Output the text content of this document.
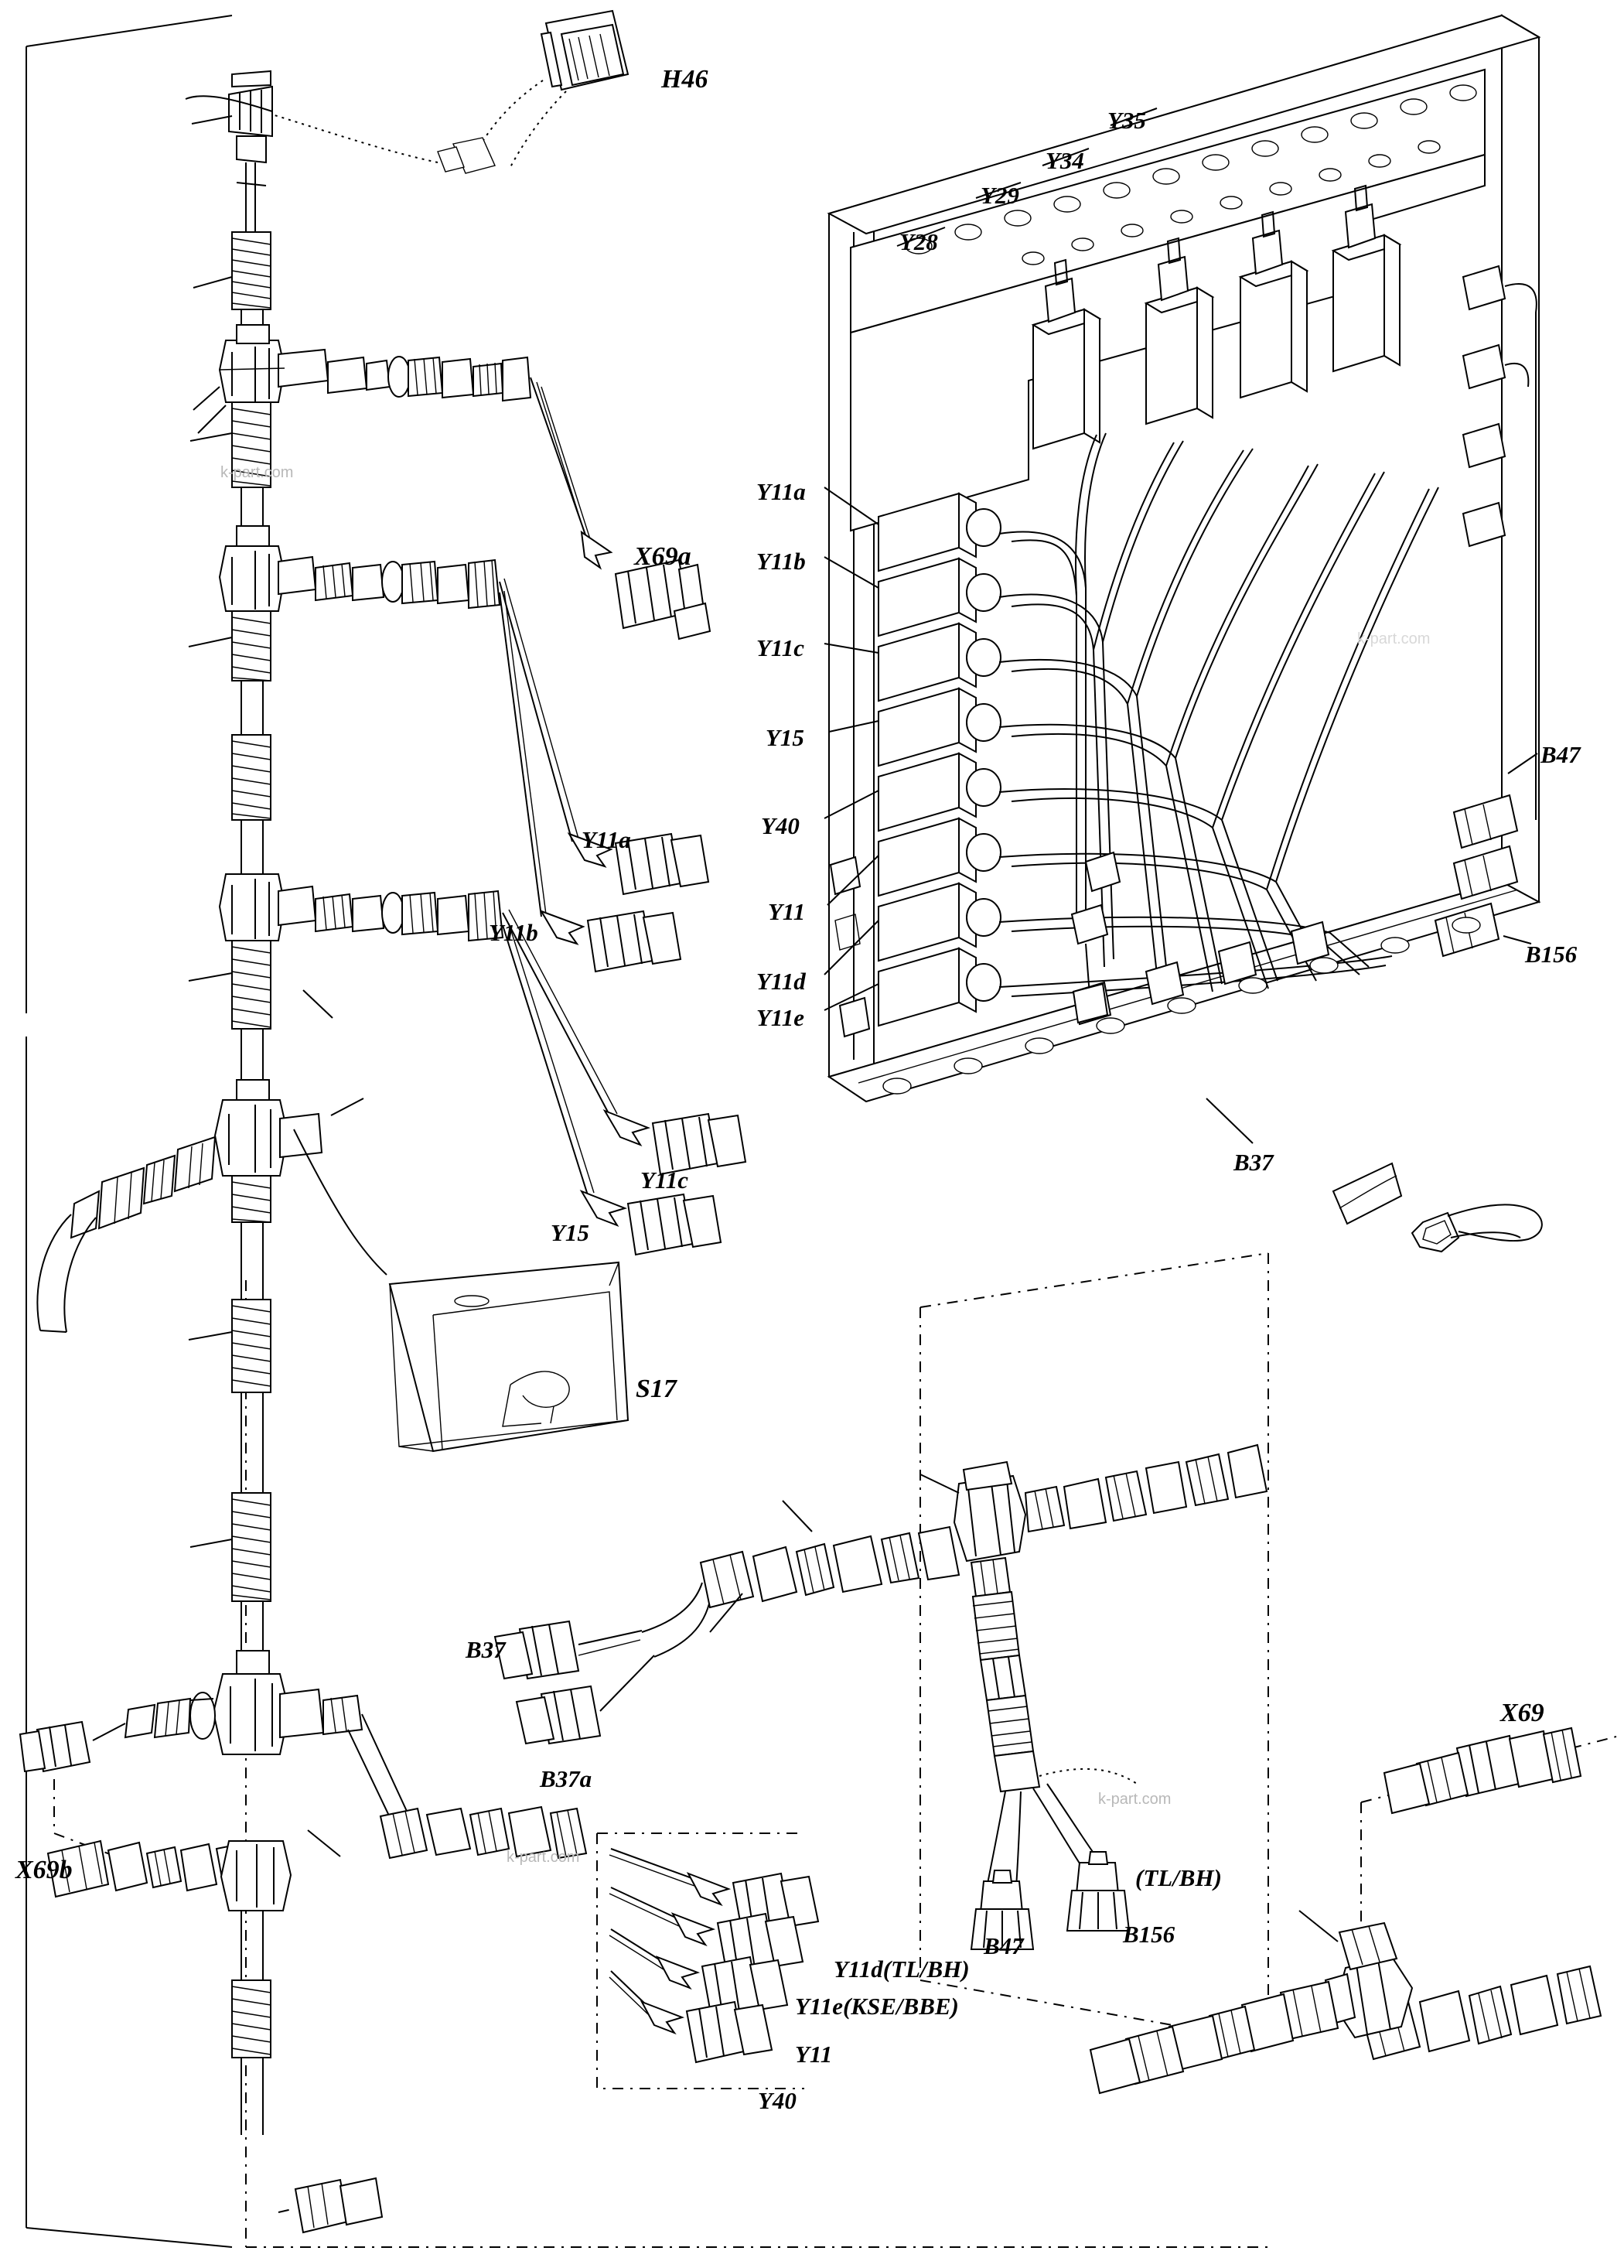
H46
Y35
Y34
Y29
Y28
Y11a
Y11b
Y11c
Y15
Y40
Y11
Y11d
Y11e
B47
B156
B37
X69a
Y11a
Y11b
Y11c
Y15
S17
B37
B37a
X69b
X69
(TL/BH)
B47	B156
Y11d(TL/BH)
Y11e(KSE/BBE)
Y11
Y40
k-part.com
k-part.com
k-part.com
k-part.com
